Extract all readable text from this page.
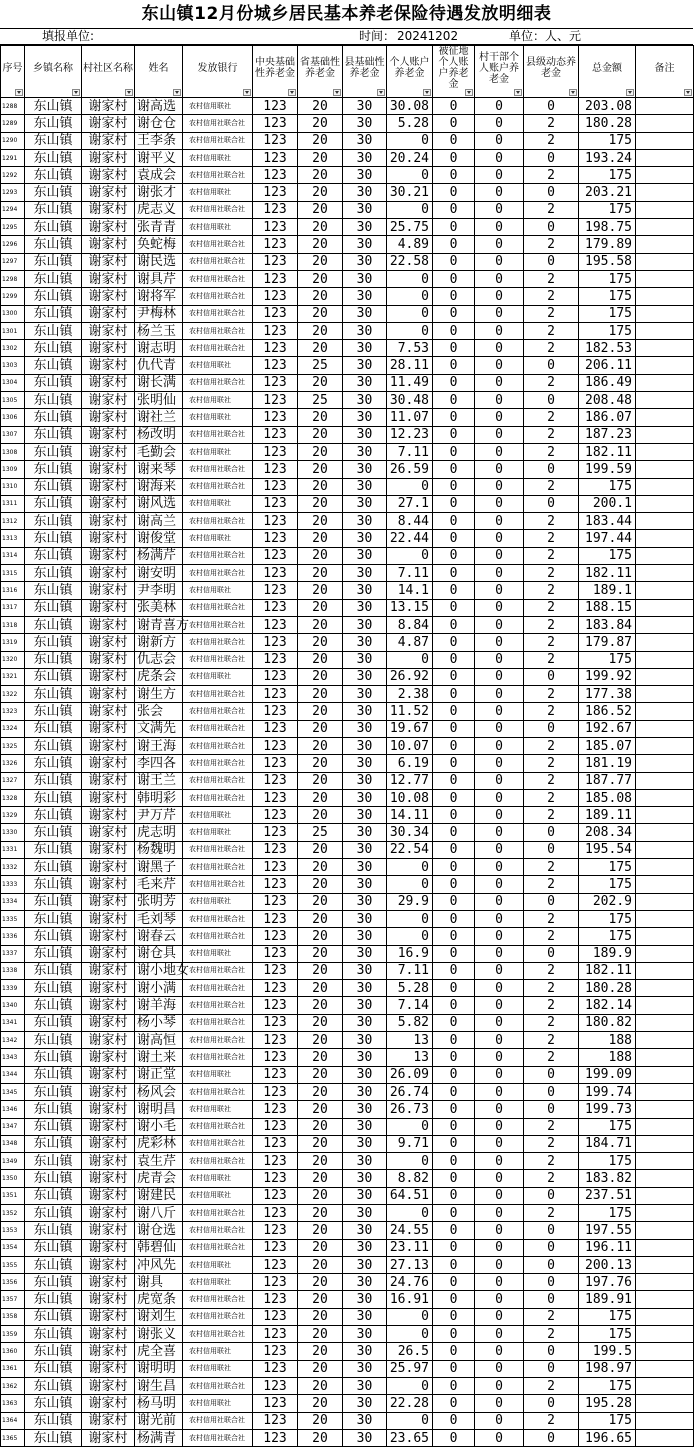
东山镇12月份城乡居民基本养老保险待遇发放明细表
填报单位:	时间： 20241202	单位：人、元
序号	乡镇名称	村社区名称	姓名	发放银行	中央基础性养老金	省基础性养老金	县基础性养老金	个人账户养老金	被征地个人账户养老金	村干部个人账户养老金	县级动态养老金	总金额	备注

1288	东山镇	谢家村	谢高选	农村信用联社	123	20	30	30.08	0	0	0	203.08	
1289	东山镇	谢家村	谢仓仓	农村信用社联合社	123	20	30	5.28	0	0	2	180.28	
1290	东山镇	谢家村	王李条	农村信用社联合社	123	20	30	0	0	0	2	175	
1291	东山镇	谢家村	谢平义	农村信用联社	123	20	30	20.24	0	0	0	193.24	
1292	东山镇	谢家村	袁成会	农村信用社联合社	123	20	30	0	0	0	2	175	
1293	东山镇	谢家村	谢张才	农村信用联社	123	20	30	30.21	0	0	0	203.21	
1294	东山镇	谢家村	虎志义	农村信用社联合社	123	20	30	0	0	0	2	175	
1295	东山镇	谢家村	张青青	农村信用联社	123	20	30	25.75	0	0	0	198.75	
1296	东山镇	谢家村	奂蛇梅	农村信用社联合社	123	20	30	4.89	0	0	2	179.89	
1297	东山镇	谢家村	谢民选	农村信用社联合社	123	20	30	22.58	0	0	0	195.58	
1298	东山镇	谢家村	谢具芹	农村信用社联合社	123	20	30	0	0	0	2	175	
1299	东山镇	谢家村	谢将军	农村信用社联合社	123	20	30	0	0	0	2	175	
1300	东山镇	谢家村	尹梅林	农村信用社联合社	123	20	30	0	0	0	2	175	
1301	东山镇	谢家村	杨兰玉	农村信用社联合社	123	20	30	0	0	0	2	175	
1302	东山镇	谢家村	谢志明	农村信用社联合社	123	20	30	7.53	0	0	2	182.53	
1303	东山镇	谢家村	仇代青	农村信用联社	123	25	30	28.11	0	0	0	206.11	
1304	东山镇	谢家村	谢长满	农村信用社联合社	123	20	30	11.49	0	0	2	186.49	
1305	东山镇	谢家村	张明仙	农村信用联社	123	25	30	30.48	0	0	0	208.48	
1306	东山镇	谢家村	谢社兰	农村信用联社	123	20	30	11.07	0	0	2	186.07	
1307	东山镇	谢家村	杨改明	农村信用社联合社	123	20	30	12.23	0	0	2	187.23	
1308	东山镇	谢家村	毛勤会	农村信用联社	123	20	30	7.11	0	0	2	182.11	
1309	东山镇	谢家村	谢来琴	农村信用社联合社	123	20	30	26.59	0	0	0	199.59	
1310	东山镇	谢家村	谢海来	农村信用社联合社	123	20	30	0	0	0	2	175	
1311	东山镇	谢家村	谢风选	农村信用联社	123	20	30	27.1	0	0	0	200.1	
1312	东山镇	谢家村	谢高兰	农村信用社联合社	123	20	30	8.44	0	0	2	183.44	
1313	东山镇	谢家村	谢俊堂	农村信用联社	123	20	30	22.44	0	0	2	197.44	
1314	东山镇	谢家村	杨满芹	农村信用社联合社	123	20	30	0	0	0	2	175	
1315	东山镇	谢家村	谢安明	农村信用社联合社	123	20	30	7.11	0	0	2	182.11	
1316	东山镇	谢家村	尹李明	农村信用联社	123	20	30	14.1	0	0	2	189.1	
1317	东山镇	谢家村	张美林	农村信用社联合社	123	20	30	13.15	0	0	2	188.15	
1318	东山镇	谢家村	谢青喜方	农村信用社联合社	123	20	30	8.84	0	0	2	183.84	
1319	东山镇	谢家村	谢新方	农村信用社联合社	123	20	30	4.87	0	0	2	179.87	
1320	东山镇	谢家村	仇志会	农村信用社联合社	123	20	30	0	0	0	2	175	
1321	东山镇	谢家村	虎条会	农村信用联社	123	20	30	26.92	0	0	0	199.92	
1322	东山镇	谢家村	谢生方	农村信用社联合社	123	20	30	2.38	0	0	2	177.38	
1323	东山镇	谢家村	张会	农村信用社联合社	123	20	30	11.52	0	0	2	186.52	
1324	东山镇	谢家村	文满先	农村信用社联合社	123	20	30	19.67	0	0	0	192.67	
1325	东山镇	谢家村	谢王海	农村信用社联合社	123	20	30	10.07	0	0	2	185.07	
1326	东山镇	谢家村	李四各	农村信用社联合社	123	20	30	6.19	0	0	2	181.19	
1327	东山镇	谢家村	谢王兰	农村信用社联合社	123	20	30	12.77	0	0	2	187.77	
1328	东山镇	谢家村	韩明彩	农村信用社联合社	123	20	30	10.08	0	0	2	185.08	
1329	东山镇	谢家村	尹万芹	农村信用联社	123	20	30	14.11	0	0	2	189.11	
1330	东山镇	谢家村	虎志明	农村信用联社	123	25	30	30.34	0	0	0	208.34	
1331	东山镇	谢家村	杨魏明	农村信用社联合社	123	20	30	22.54	0	0	0	195.54	
1332	东山镇	谢家村	谢黑子	农村信用社联合社	123	20	30	0	0	0	2	175	
1333	东山镇	谢家村	毛来芹	农村信用社联合社	123	20	30	0	0	0	2	175	
1334	东山镇	谢家村	张明芳	农村信用联社	123	20	30	29.9	0	0	0	202.9	
1335	东山镇	谢家村	毛刘琴	农村信用社联合社	123	20	30	0	0	0	2	175	
1336	东山镇	谢家村	谢春云	农村信用社联合社	123	20	30	0	0	0	2	175	
1337	东山镇	谢家村	谢仓具	农村信用联社	123	20	30	16.9	0	0	0	189.9	
1338	东山镇	谢家村	谢小地女	农村信用社联合社	123	20	30	7.11	0	0	2	182.11	
1339	东山镇	谢家村	谢小满	农村信用社联合社	123	20	30	5.28	0	0	2	180.28	
1340	东山镇	谢家村	谢羊海	农村信用社联合社	123	20	30	7.14	0	0	2	182.14	
1341	东山镇	谢家村	杨小琴	农村信用社联合社	123	20	30	5.82	0	0	2	180.82	
1342	东山镇	谢家村	谢高恒	农村信用社联合社	123	20	30	13	0	0	2	188	
1343	东山镇	谢家村	谢土来	农村信用社联合社	123	20	30	13	0	0	2	188	
1344	东山镇	谢家村	谢正堂	农村信用联社	123	20	30	26.09	0	0	0	199.09	
1345	东山镇	谢家村	杨风会	农村信用社联合社	123	20	30	26.74	0	0	0	199.74	
1346	东山镇	谢家村	谢明昌	农村信用联社	123	20	30	26.73	0	0	0	199.73	
1347	东山镇	谢家村	谢小毛	农村信用社联合社	123	20	30	0	0	0	2	175	
1348	东山镇	谢家村	虎彩林	农村信用社联合社	123	20	30	9.71	0	0	2	184.71	
1349	东山镇	谢家村	袁生芹	农村信用社联合社	123	20	30	0	0	0	2	175	
1350	东山镇	谢家村	虎青会	农村信用联社	123	20	30	8.82	0	0	2	183.82	
1351	东山镇	谢家村	谢建民	农村信用联社	123	20	30	64.51	0	0	0	237.51	
1352	东山镇	谢家村	谢八斤	农村信用社联合社	123	20	30	0	0	0	2	175	
1353	东山镇	谢家村	谢仓选	农村信用社联合社	123	20	30	24.55	0	0	0	197.55	
1354	东山镇	谢家村	韩碧仙	农村信用社联合社	123	20	30	23.11	0	0	0	196.11	
1355	东山镇	谢家村	冲风先	农村信用联社	123	20	30	27.13	0	0	0	200.13	
1356	东山镇	谢家村	谢具	农村信用联社	123	20	30	24.76	0	0	0	197.76	
1357	东山镇	谢家村	虎宽条	农村信用社联合社	123	20	30	16.91	0	0	0	189.91	
1358	东山镇	谢家村	谢刘生	农村信用社联合社	123	20	30	0	0	0	2	175	
1359	东山镇	谢家村	谢张义	农村信用社联合社	123	20	30	0	0	0	2	175	
1360	东山镇	谢家村	虎全喜	农村信用联社	123	20	30	26.5	0	0	0	199.5	
1361	东山镇	谢家村	谢明明	农村信用联社	123	20	30	25.97	0	0	0	198.97	
1362	东山镇	谢家村	谢生昌	农村信用社联合社	123	20	30	0	0	0	2	175	
1363	东山镇	谢家村	杨马明	农村信用联社	123	20	30	22.28	0	0	0	195.28	
1364	东山镇	谢家村	谢光前	农村信用社联合社	123	20	30	0	0	0	2	175	
1365	东山镇	谢家村	杨满青	农村信用社联合社	123	20	30	23.65	0	0	0	196.65	
